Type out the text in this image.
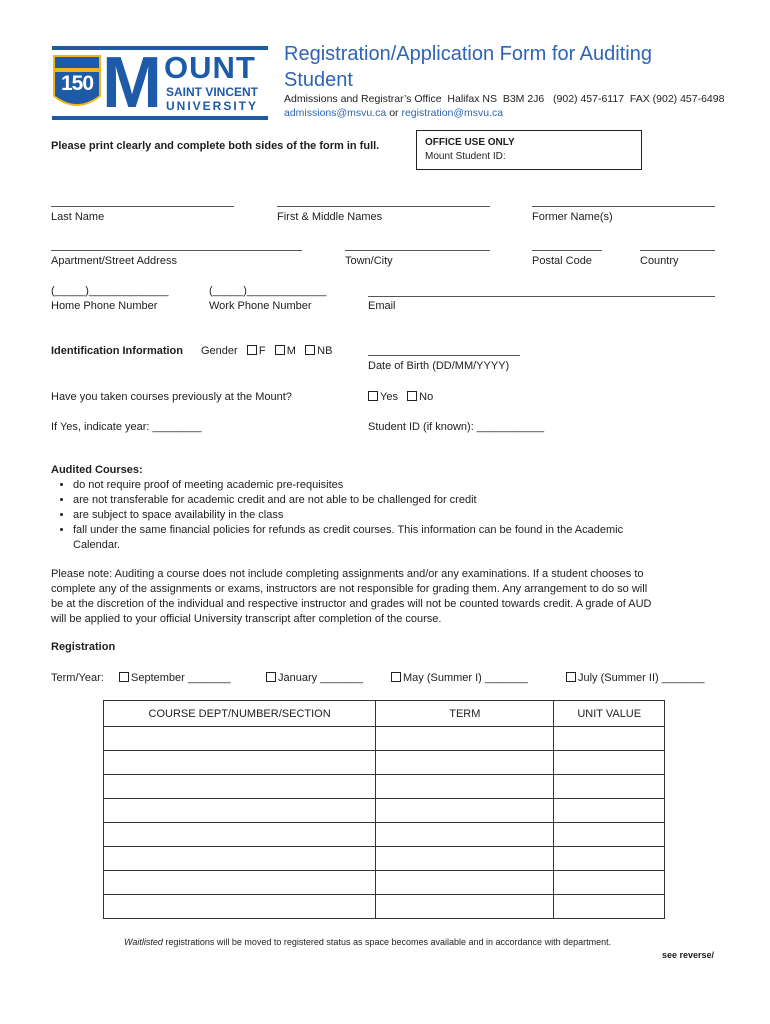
150 M OUNT
SAINT VINCENT
UNIVERSITY
Registration/Application Form for Auditing
Student
Admissions and Registrar’s Office  Halifax NS  B3M 2J6   (902) 457-6117  FAX (902) 457-6498
admissions@msvu.ca or registration@msvu.ca
Please print clearly and complete both sides of the form in full.	OFFICE USE ONLY
Mount Student ID:
Last Name	First & Middle Names	Former Name(s)
Apartment/Street Address	Town/City	Postal Code	Country
(_____)_____________	(_____)_____________
Home Phone Number	Work Phone Number	Email
Identification Information Gender F M NB
Date of Birth (DD/MM/YYYY)
Have you taken courses previously at the Mount?	Yes No
If Yes, indicate year: ________	Student ID (if known): ___________
Audited Courses:
• do not require proof of meeting academic pre-requisites
• are not transferable for academic credit and are not able to be challenged for credit
• are subject to space availability in the class
• fall under the same financial policies for refunds as credit courses. This information can be found in the Academic
Calendar.
Please note: Auditing a course does not include completing assignments and/or any examinations. If a student chooses to
complete any of the assignments or exams, instructors are not responsible for grading them. Any arrangement to do so will
be at the discretion of the individual and respective instructor and grades will not be counted towards credit. A grade of AUD
will be applied to your official University transcript after completion of the course.
Registration
Term/Year:	September _______	January _______	May (Summer I) _______	July (Summer II) _______
COURSE DEPT/NUMBER/SECTION	TERM	UNIT VALUE

Waitlisted registrations will be moved to registered status as space becomes available and in accordance with department.
see reverse/
